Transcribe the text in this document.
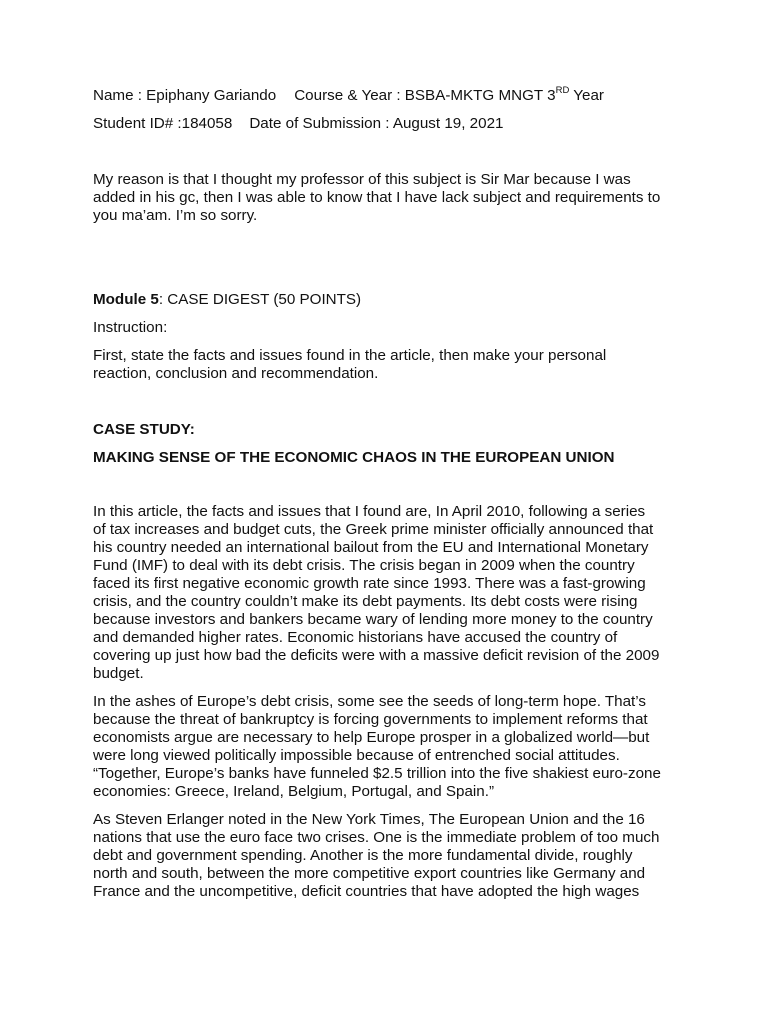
Name : Epiphany Gariando Course & Year : BSBA-MKTG MNGT 3RD Year
Student ID# :184058 Date of Submission : August 19, 2021
My reason is that I thought my professor of this subject is Sir Mar because I was
added in his gc, then I was able to know that I have lack subject and requirements to
you ma’am. I’m so sorry.
Module 5: CASE DIGEST (50 POINTS)
Instruction:
First, state the facts and issues found in the article, then make your personal
reaction, conclusion and recommendation.
CASE STUDY:
MAKING SENSE OF THE ECONOMIC CHAOS IN THE EUROPEAN UNION
In this article, the facts and issues that I found are, In April 2010, following a series
of tax increases and budget cuts, the Greek prime minister officially announced that
his country needed an international bailout from the EU and International Monetary
Fund (IMF) to deal with its debt crisis. The crisis began in 2009 when the country
faced its first negative economic growth rate since 1993. There was a fast-growing
crisis, and the country couldn’t make its debt payments. Its debt costs were rising
because investors and bankers became wary of lending more money to the country
and demanded higher rates. Economic historians have accused the country of
covering up just how bad the deficits were with a massive deficit revision of the 2009
budget.
In the ashes of Europe’s debt crisis, some see the seeds of long-term hope. That’s
because the threat of bankruptcy is forcing governments to implement reforms that
economists argue are necessary to help Europe prosper in a globalized world—but
were long viewed politically impossible because of entrenched social attitudes.
“Together, Europe’s banks have funneled $2.5 trillion into the five shakiest euro-zone
economies: Greece, Ireland, Belgium, Portugal, and Spain.”
As Steven Erlanger noted in the New York Times, The European Union and the 16
nations that use the euro face two crises. One is the immediate problem of too much
debt and government spending. Another is the more fundamental divide, roughly
north and south, between the more competitive export countries like Germany and
France and the uncompetitive, deficit countries that have adopted the high wages
